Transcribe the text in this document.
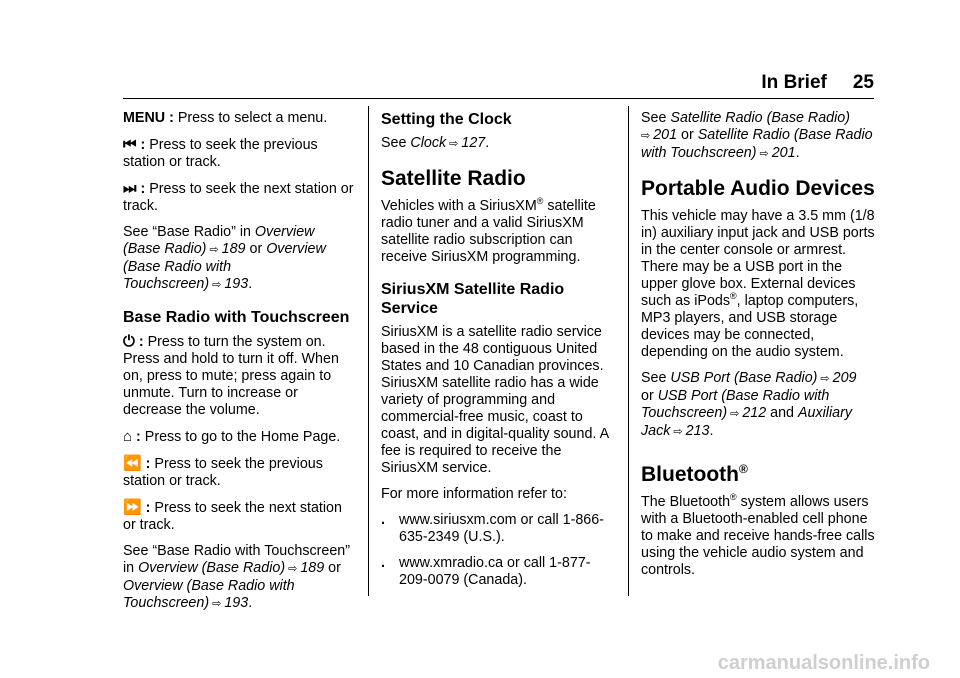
In Brief 25

MENU : Press to select a menu.

⏮ : Press to seek the previous station or track.

⏭ : Press to seek the next station or track.

See “Base Radio” in Overview (Base Radio) ⇨ 189 or Overview (Base Radio with Touchscreen) ⇨ 193.

Base Radio with Touchscreen

⏻ : Press to turn the system on. Press and hold to turn it off. When on, press to mute; press again to unmute. Turn to increase or decrease the volume.

⌂ : Press to go to the Home Page.

⏪ : Press to seek the previous station or track.

⏩ : Press to seek the next station or track.

See “Base Radio with Touchscreen” in Overview (Base Radio) ⇨ 189 or Overview (Base Radio with Touchscreen) ⇨ 193.

Setting the Clock

See Clock ⇨ 127.

Satellite Radio

Vehicles with a SiriusXM® satellite radio tuner and a valid SiriusXM satellite radio subscription can receive SiriusXM programming.

SiriusXM Satellite Radio Service

SiriusXM is a satellite radio service based in the 48 contiguous United States and 10 Canadian provinces. SiriusXM satellite radio has a wide variety of programming and commercial-free music, coast to coast, and in digital-quality sound. A fee is required to receive the SiriusXM service.

For more information refer to:

. www.siriusxm.com or call 1-866-635-2349 (U.S.).
. www.xmradio.ca or call 1-877-209-0079 (Canada).

See Satellite Radio (Base Radio)
⇨ 201 or Satellite Radio (Base Radio with Touchscreen) ⇨ 201.

Portable Audio Devices

This vehicle may have a 3.5 mm (1/8 in) auxiliary input jack and USB ports in the center console or armrest. There may be a USB port in the upper glove box. External devices such as iPods®, laptop computers, MP3 players, and USB storage devices may be connected, depending on the audio system.

See USB Port (Base Radio) ⇨ 209
or USB Port (Base Radio with Touchscreen) ⇨ 212 and Auxiliary Jack ⇨ 213.

Bluetooth®

The Bluetooth® system allows users with a Bluetooth-enabled cell phone to make and receive hands-free calls using the vehicle audio system and controls.

carmanualsonline.info
